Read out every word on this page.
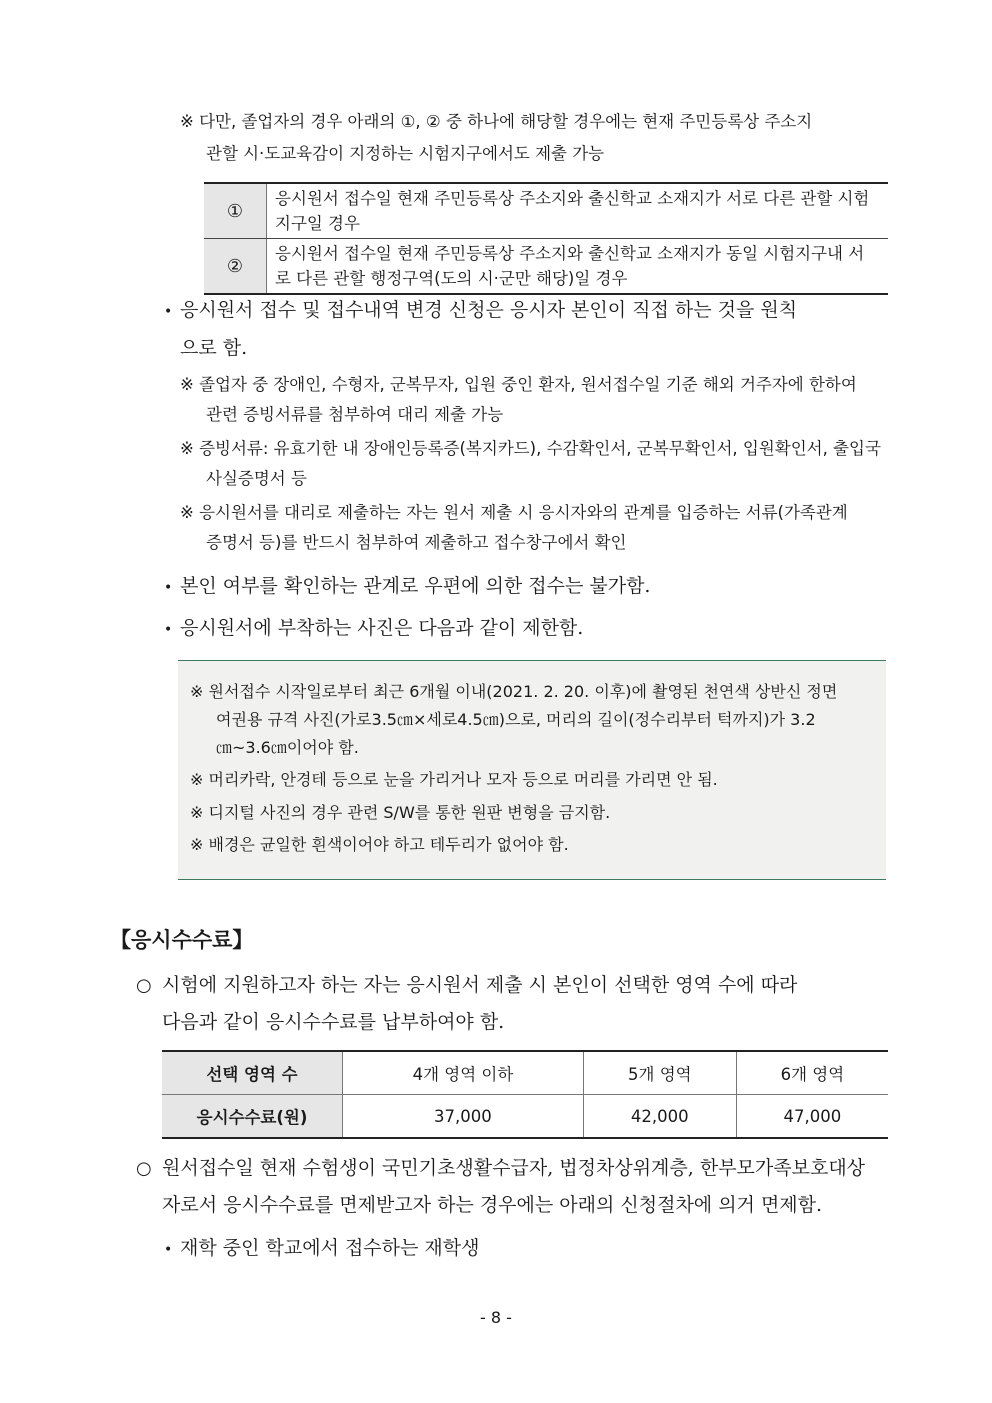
※ 다만, 졸업자의 경우 아래의 ①, ② 중 하나에 해당할 경우에는 현재 주민등록상 주소지
관할 시·도교육감이 지정하는 시험지구에서도 제출 가능
①	응시원서 접수일 현재 주민등록상 주소지와 출신학교 소재지가 서로 다른 관할 시험지구일 경우
②	응시원서 접수일 현재 주민등록상 주소지와 출신학교 소재지가 동일 시험지구내 서로 다른 관할 행정구역(도의 시·군만 해당)일 경우
• 응시원서 접수 및 접수내역 변경 신청은 응시자 본인이 직접 하는 것을 원칙
으로 함.
※ 졸업자 중 장애인, 수형자, 군복무자, 입원 중인 환자, 원서접수일 기준 해외 거주자에 한하여
관련 증빙서류를 첨부하여 대리 제출 가능
※ 증빙서류: 유효기한 내 장애인등록증(복지카드), 수감확인서, 군복무확인서, 입원확인서, 출입국
사실증명서 등
※ 응시원서를 대리로 제출하는 자는 원서 제출 시 응시자와의 관계를 입증하는 서류(가족관계
증명서 등)를 반드시 첨부하여 제출하고 접수창구에서 확인
• 본인 여부를 확인하는 관계로 우편에 의한 접수는 불가함.
• 응시원서에 부착하는 사진은 다음과 같이 제한함.
※ 원서접수 시작일로부터 최근 6개월 이내(2021. 2. 20. 이후)에 촬영된 천연색 상반신 정면
여권용 규격 사진(가로3.5㎝×세로4.5㎝)으로, 머리의 길이(정수리부터 턱까지)가 3.2
㎝~3.6㎝이어야 함.
※ 머리카락, 안경테 등으로 눈을 가리거나 모자 등으로 머리를 가리면 안 됨.
※ 디지털 사진의 경우 관련 S/W를 통한 원판 변형을 금지함.
※ 배경은 균일한 흰색이어야 하고 테두리가 없어야 함.
【응시수수료】
○ 시험에 지원하고자 하는 자는 응시원서 제출 시 본인이 선택한 영역 수에 따라
다음과 같이 응시수수료를 납부하여야 함.
선택 영역 수	4개 영역 이하	5개 영역	6개 영역
응시수수료(원)	37,000	42,000	47,000
○ 원서접수일 현재 수험생이 국민기초생활수급자, 법정차상위계층, 한부모가족보호대상
자로서 응시수수료를 면제받고자 하는 경우에는 아래의 신청절차에 의거 면제함.
• 재학 중인 학교에서 접수하는 재학생
- 8 -
